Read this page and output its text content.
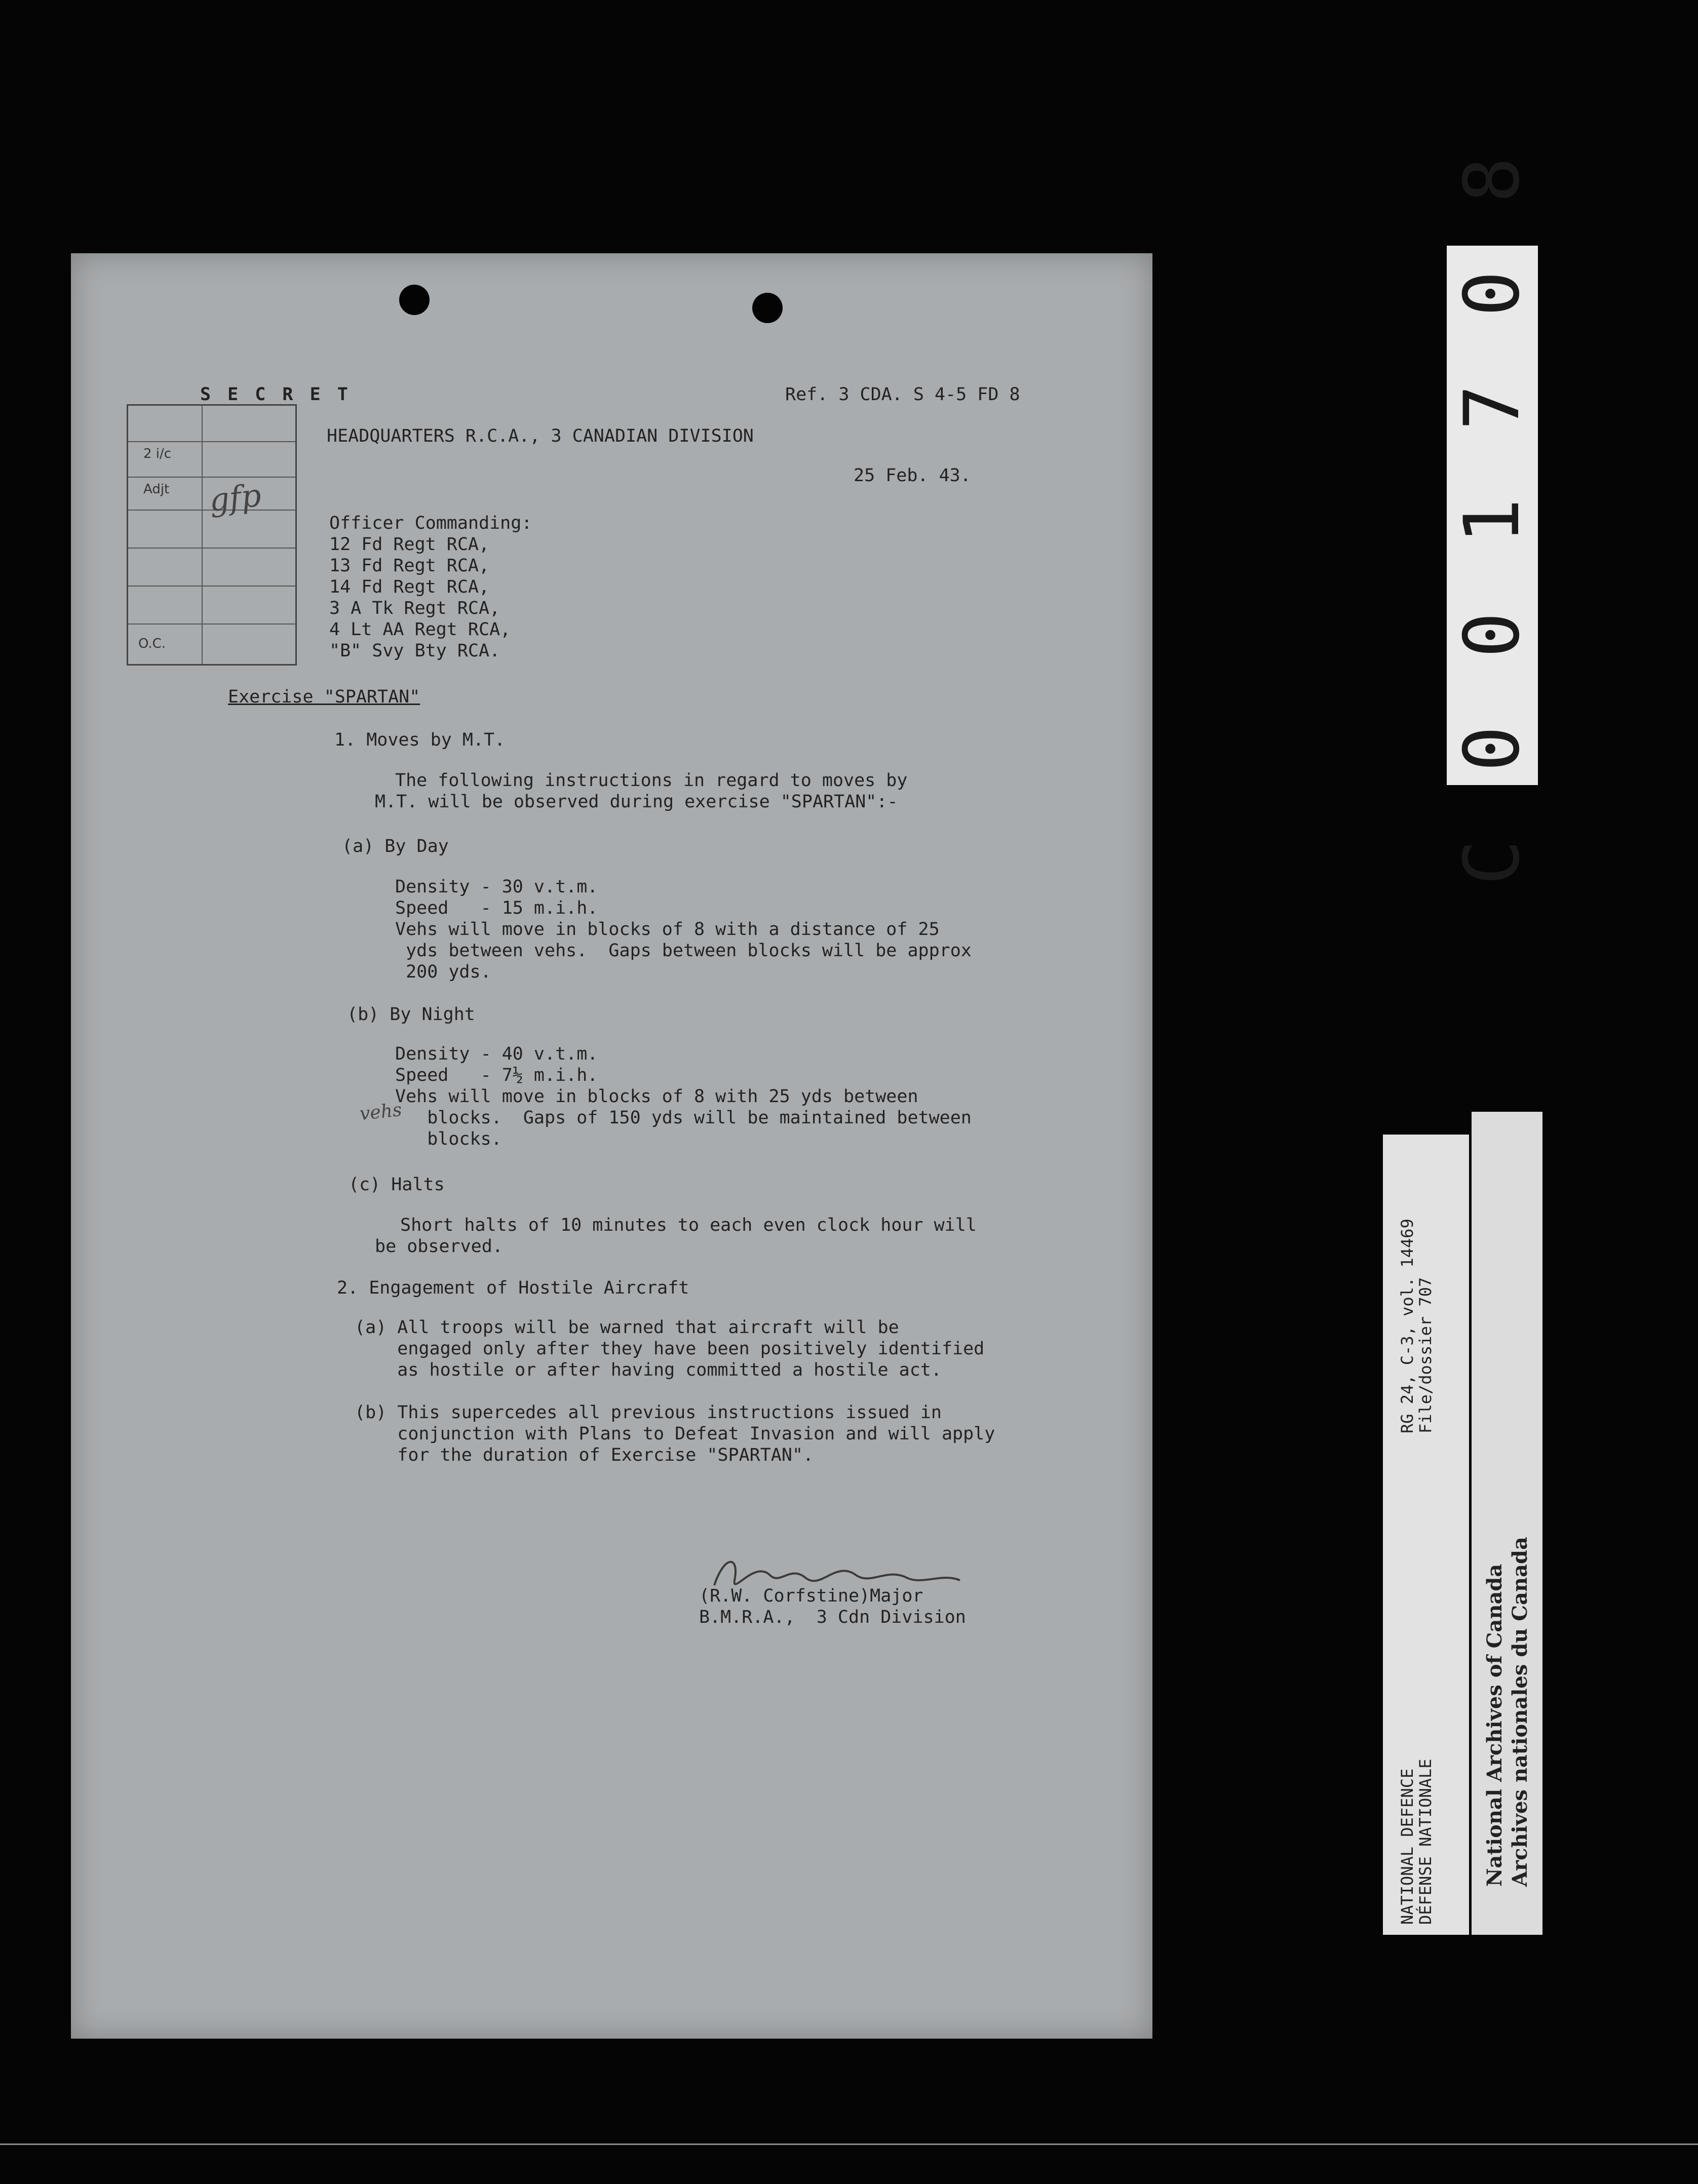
S E C R E T	Ref. 3 CDA. S 4-5 FD 8
2 i/c
Adjt
O.C.
gfp
HEADQUARTERS R.C.A., 3 CANADIAN DIVISION
25 Feb. 43.
Officer Commanding:
12 Fd Regt RCA,
13 Fd Regt RCA,
14 Fd Regt RCA,
3 A Tk Regt RCA,
4 Lt AA Regt RCA,
"B" Svy Bty RCA.
Exercise "SPARTAN"
1. Moves by M.T.
The following instructions in regard to moves by
M.T. will be observed during exercise "SPARTAN":-
(a) By Day
Density - 30 v.t.m.
Speed   - 15 m.i.h.
Vehs will move in blocks of 8 with a distance of 25
yds between vehs.  Gaps between blocks will be approx
200 yds.
(b) By Night
Density - 40 v.t.m.
Speed   - 7½ m.i.h.
Vehs will move in blocks of 8 with 25 yds between
blocks.  Gaps of 150 yds will be maintained between
blocks.
vehs
(c) Halts
Short halts of 10 minutes to each even clock hour will
be observed.
2. Engagement of Hostile Aircraft
(a) All troops will be warned that aircraft will be
engaged only after they have been positively identified
as hostile or after having committed a hostile act.
(b) This supercedes all previous instructions issued in
conjunction with Plans to Defeat Invasion and will apply
for the duration of Exercise "SPARTAN".
(R.W. Corfstine)Major
B.M.R.A.,  3 Cdn Division
C 0 0 1 7 0 8
NATIONAL DEFENCE
DÉFENSE NATIONALE
RG 24, C-3, vol. 14469
File/dossier 707
National Archives of Canada Archives nationales du Canada
